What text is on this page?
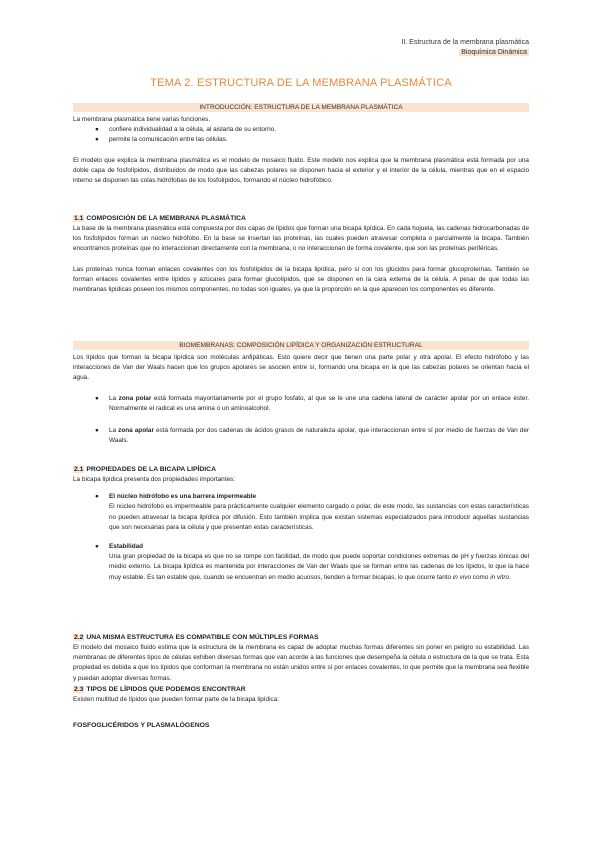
II. Estructura de la membrana plasmática
Bioquímica Dinámica
TEMA 2. ESTRUCTURA DE LA MEMBRANA PLASMÁTICA
INTRODUCCIÓN: ESTRUCTURA DE LA MEMBRANA PLASMÁTICA

La membrana plasmática tiene varias funciones.

● confiere individualidad a la célula, al aislarla de su entorno.
● permite la comunicación entre las células.

El modelo que explica la membrana plasmática es el modelo de mosaico fluido. Este modelo nos explica que la membrana plasmática está formada por una doble capa de fosfolípidos, distribuidos de modo que las cabezas polares se disponen hacia el exterior y el interior de la célula, mientras que en el espacio interno se disponen las colas hidrófobas de los fosfolípidos, formando el núcleo hidrofóbico.

1.1 COMPOSICIÓN DE LA MEMBRANA PLASMÁTICA

La base de la membrana plasmática está compuesta por dos capas de lípidos que forman una bicapa lipídica. En cada hojuela, las cadenas hidrocarbonadas de los fosfolípidos forman un núcleo hidrófobo. En la base se insertan las proteínas, las cuales pueden atravesar completa o parcialmente la bicapa. También encontramos proteínas que no interaccionan directamente con la membrana, o no interaccionan de forma covalente, que son las proteínas periféricas.

Las proteínas nunca forman enlaces covalentes con los fosfolípidos de la bicapa lipídica, pero sí con los glúcidos para formar glucoproteínas. También se forman enlaces covalentes entre lípidos y azúcares para formar glucolípidos, que se disponen en la cara externa de la célula. A pesar de que todas las membranas lipídicas poseen los mismos componentes, no todas son iguales, ya que la proporción en la que aparecen los componentes es diferente.

BIOMEMBRANAS: COMPOSICIÓN LIPÍDICA Y ORGANIZACIÓN ESTRUCTURAL

Los lípidos que forman la bicapa lipídica son moléculas anfipáticas. Esto quiere decir que tienen una parte polar y otra apolar. El efecto hidrófobo y las interacciones de Van der Waals hacen que los grupos apolares se asocien entre sí, formando una bicapa en la que las cabezas polares se orientan hacia el agua.

● La zona polar está formada mayoritariamente por el grupo fosfato, al que se le une una cadena lateral de carácter apolar por un enlace éster. Normalmente el radical es una amina o un aminoalcohol.

● La zona apolar está formada por dos cadenas de ácidos grasos de naturaleza apolar, que interaccionan entre sí por medio de fuerzas de Van der Waals.

2.1 PROPIEDADES DE LA BICAPA LIPÍDICA

La bicapa lipídica presenta dos propiedades importantes:

● El núcleo hidrófobo es una barrera impermeable

El núcleo hidrófobo es impermeable para prácticamente cualquier elemento cargado o polar, de este modo, las sustancias con estas características no pueden atravesar la bicapa lipídica por difusión. Esto también implica que existan sistemas especializados para introducir aquellas sustancias que son necesarias para la célula y que presentan estas características.

● Estabilidad

Una gran propiedad de la bicapa es que no se rompe con facilidad, de modo que puede soportar condiciones extremas de pH y fuerzas iónicas del medio externo. La bicapa lipídica es mantenida por interacciones de Van der Waals que se forman entre las cadenas de los lípidos, lo que la hace muy estable. Es tan estable que, cuando se encuentran en medio acuosos, tienden a formar bicapas, lo que ocurre tanto in vivo como in vitro.

2.2 UNA MISMA ESTRUCTURA ES COMPATIBLE CON MÚLTIPLES FORMAS

El modelo del mosaico fluido estima que la estructura de la membrana es capaz de adoptar muchas formas diferentes sin poner en peligro su estabilidad. Las membranas de diferentes tipos de células exhiben diversas formas que van acorde a las funciones que desempeña la célula o estructura de la que se trata. Esta propiedad es debida a que los lípidos que conforman la membrana no están unidos entre sí por enlaces covalentes, lo que permite que la membrana sea flexible y puedan adoptar diversas formas.

2.3 TIPOS DE LÍPIDOS QUE PODEMOS ENCONTRAR

Existen multitud de lípidos que pueden formar parte de la bicapa lipídica:

FOSFOGLICÉRIDOS Y PLASMALÓGENOS
